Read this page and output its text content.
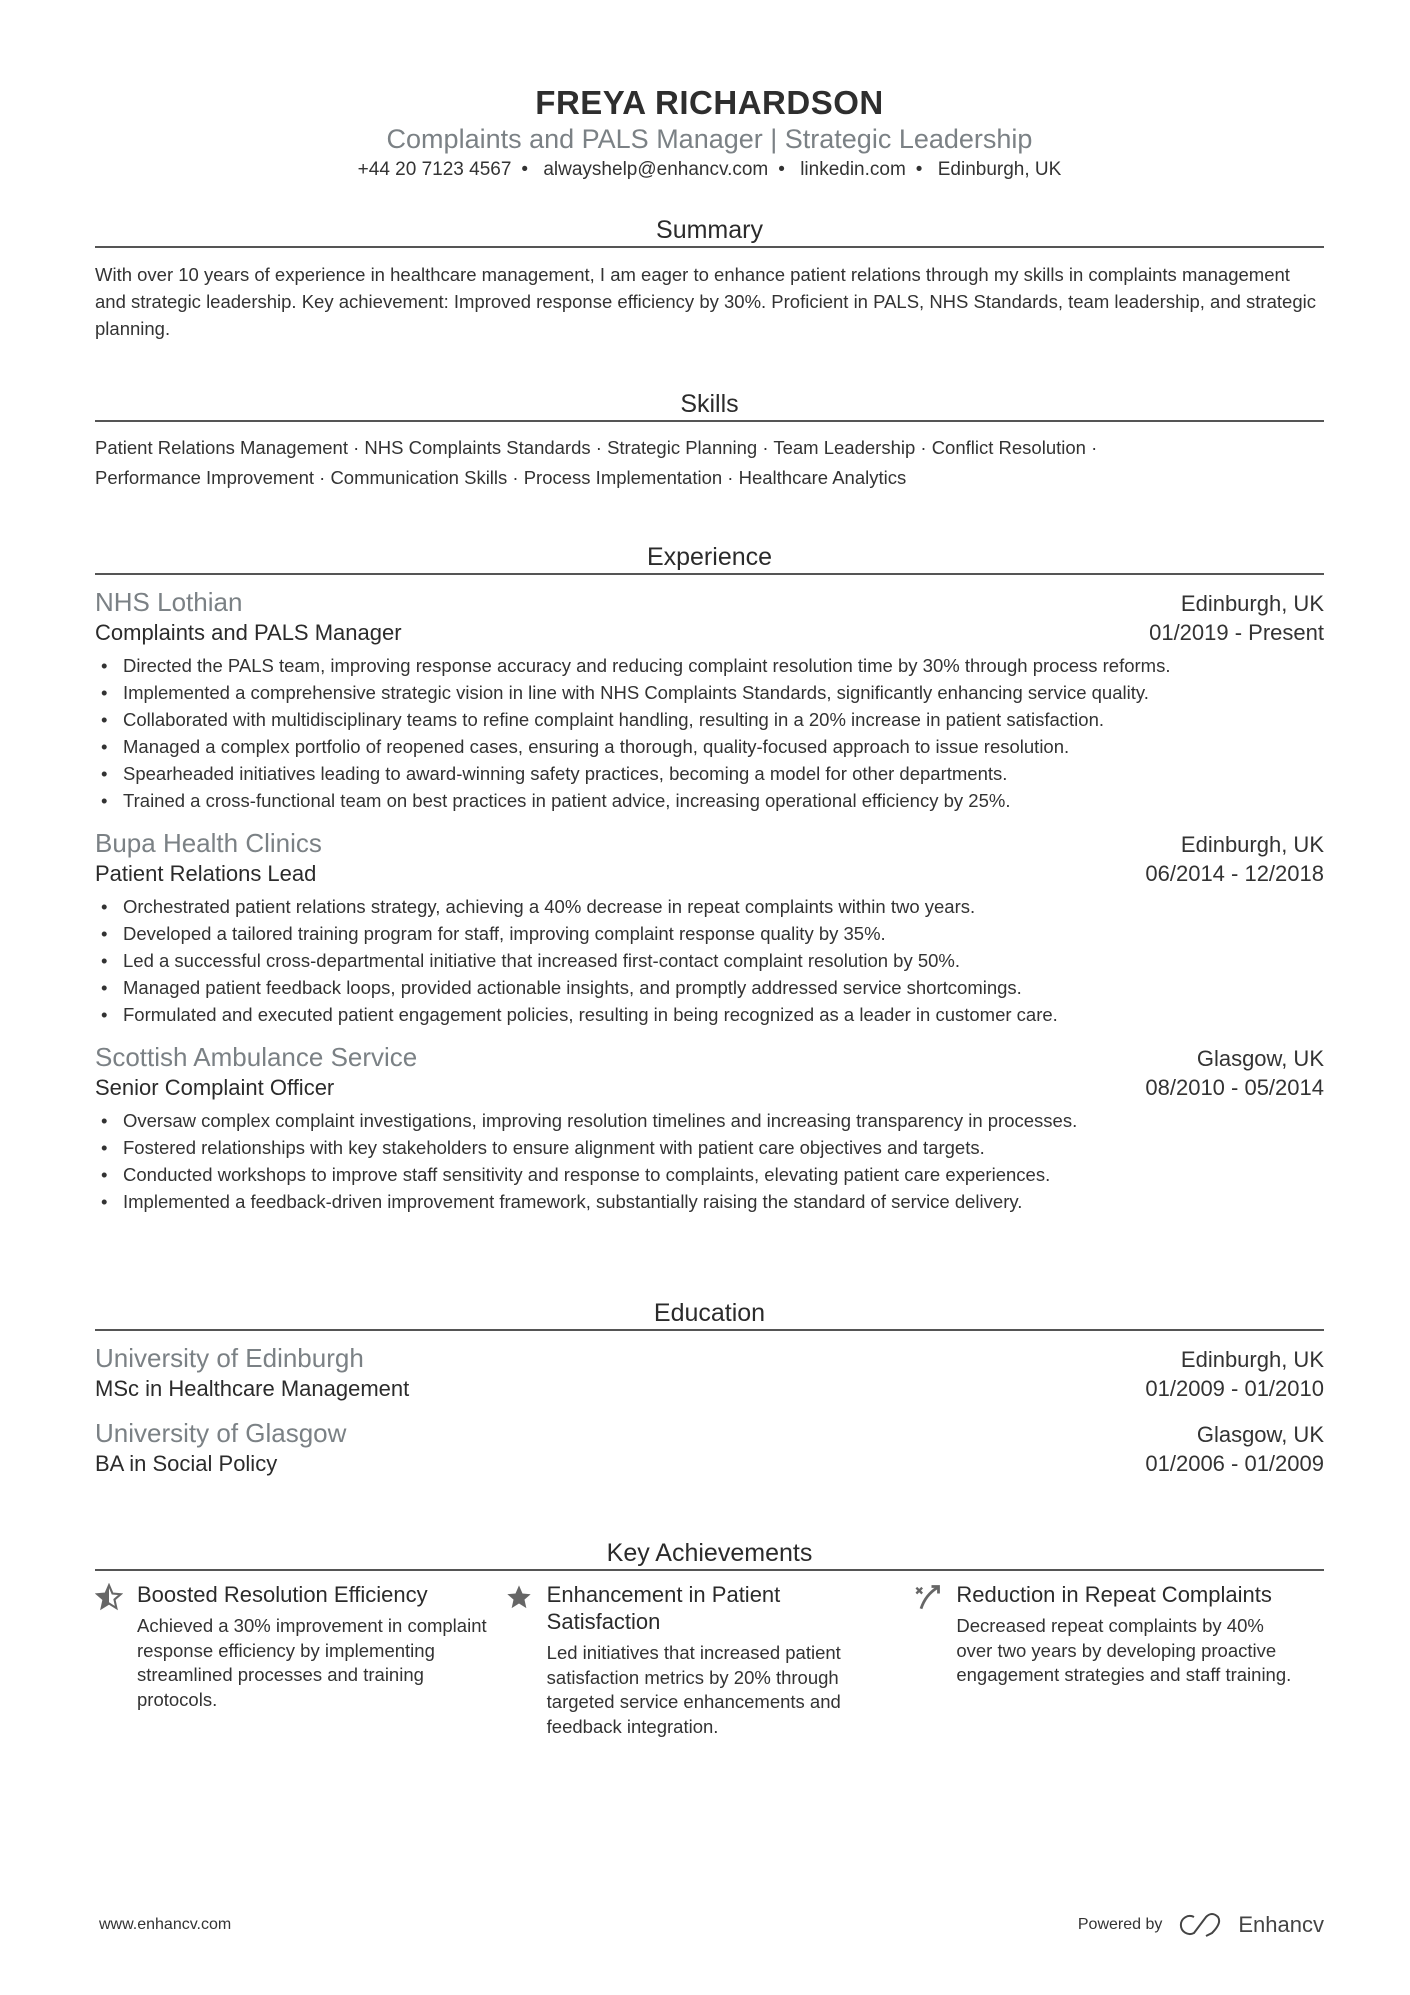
FREYA RICHARDSON
Complaints and PALS Manager | Strategic Leadership
+44 20 7123 4567 • alwayshelp@enhancv.com • linkedin.com • Edinburgh, UK
Summary
With over 10 years of experience in healthcare management, I am eager to enhance patient relations through my skills in complaints management and strategic leadership. Key achievement: Improved response efficiency by 30%. Proficient in PALS, NHS Standards, team leadership, and strategic planning.
Skills
Patient Relations Management · NHS Complaints Standards · Strategic Planning · Team Leadership · Conflict Resolution ·
Performance Improvement · Communication Skills · Process Implementation · Healthcare Analytics
Experience
NHS Lothian	Edinburgh, UK
Complaints and PALS Manager	01/2019 - Present
• Directed the PALS team, improving response accuracy and reducing complaint resolution time by 30% through process reforms.
• Implemented a comprehensive strategic vision in line with NHS Complaints Standards, significantly enhancing service quality.
• Collaborated with multidisciplinary teams to refine complaint handling, resulting in a 20% increase in patient satisfaction.
• Managed a complex portfolio of reopened cases, ensuring a thorough, quality-focused approach to issue resolution.
• Spearheaded initiatives leading to award-winning safety practices, becoming a model for other departments.
• Trained a cross-functional team on best practices in patient advice, increasing operational efficiency by 25%.
Bupa Health Clinics	Edinburgh, UK
Patient Relations Lead	06/2014 - 12/2018
• Orchestrated patient relations strategy, achieving a 40% decrease in repeat complaints within two years.
• Developed a tailored training program for staff, improving complaint response quality by 35%.
• Led a successful cross-departmental initiative that increased first-contact complaint resolution by 50%.
• Managed patient feedback loops, provided actionable insights, and promptly addressed service shortcomings.
• Formulated and executed patient engagement policies, resulting in being recognized as a leader in customer care.
Scottish Ambulance Service	Glasgow, UK
Senior Complaint Officer	08/2010 - 05/2014
• Oversaw complex complaint investigations, improving resolution timelines and increasing transparency in processes.
• Fostered relationships with key stakeholders to ensure alignment with patient care objectives and targets.
• Conducted workshops to improve staff sensitivity and response to complaints, elevating patient care experiences.
• Implemented a feedback-driven improvement framework, substantially raising the standard of service delivery.
Education
University of Edinburgh	Edinburgh, UK
MSc in Healthcare Management	01/2009 - 01/2010
University of Glasgow	Glasgow, UK
BA in Social Policy	01/2006 - 01/2009
Key Achievements
Boosted Resolution Efficiency
Achieved a 30% improvement in complaint response efficiency by implementing streamlined processes and training protocols.
Enhancement in Patient Satisfaction
Led initiatives that increased patient satisfaction metrics by 20% through targeted service enhancements and feedback integration.
Reduction in Repeat Complaints
Decreased repeat complaints by 40% over two years by developing proactive engagement strategies and staff training.
www.enhancv.com	Powered by	Enhancv
